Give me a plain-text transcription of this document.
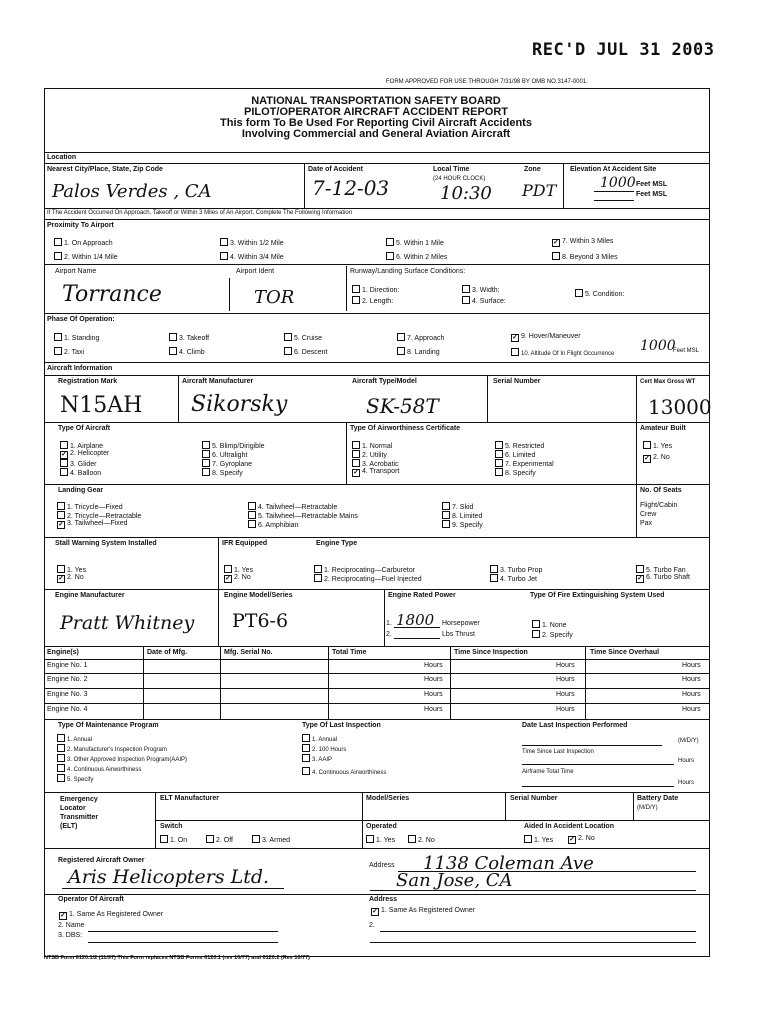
REC'D JUL 31 2003
FORM APPROVED FOR USE THROUGH 7/31/98 BY OMB NO.3147-0001.
NATIONAL TRANSPORTATION SAFETY BOARD
PILOT/OPERATOR AIRCRAFT ACCIDENT REPORT
This form To Be Used For Reporting Civil Aircraft Accidents
Involving Commercial and General Aviation Aircraft
Location
Nearest City/Place, State, Zip Code
Palos Verdes , CA
Date of Accident
7-12-03
Local Time
(24 HOUR CLOCK)
10:30
Zone
PDT
Elevation At Accident Site
1000 Feet MSL
Feet MSL
If The Accident Occurred On Approach, Takeoff or Within 3 Miles of An Airport, Complete The Following Information
Proximity To Airport
1. On Approach
2. Within 1/4 Mile
3. Within 1/2 Mile
4. Within 3/4 Mile
5. Within 1 Mile
6. Within 2 Miles
✓7. Within 3 Miles
8. Beyond 3 Miles
Airport Name
Torrance
Airport Ident
TOR
Runway/Landing Surface Conditions:
1. Direction:
2. Length:
3. Width:
4. Surface:
5. Condition:
Phase Of Operation:
1. Standing
2. Taxi
3. Takeoff
4. Climb
5. Cruise
6. Descent
7. Approach
8. Landing
✓9. Hover/Maneuver
10. Altitude Of In Flight Occurrence 1000
Feet MSL
Aircraft Information
Registration Mark
N15AH
Aircraft Manufacturer
Sikorsky
Aircraft Type/Model
SK-58T
Serial Number	Cert Max Gross WT
13000
Type Of Aircraft
1. Airplane
✓2. Helicopter
3. Glider
4. Balloon
5. Blimp/Dirigible
6. Ultralight
7. Gyroplane
8. Specify
Type Of Airworthiness Certificate
1. Normal
2. Utility
3. Acrobatic
✓4. Transport
5. Restricted
6. Limited
7. Experimental
8. Specify
Amateur Built
1. Yes
✓2. No
Landing Gear
1. Tricycle—Fixed
2. Tricycle—Retractable
✓3. Tailwheel—Fixed
4. Tailwheel—Retractable
5. Tailwheel—Retractable Mains
6. Amphibian
7. Skid
8. Limited
9. Specify
No. Of Seats
Flight/Cabin
Crew
Pax
Stall Warning System Installed
1. Yes
✓2. No
IFR Equipped
1. Yes
✓2. No
Engine Type
1. Reciprocating—Carburetor
2. Reciprocating—Fuel Injected
3. Turbo Prop
4. Turbo Jet
5. Turbo Fan
✓6. Turbo Shaft
Engine Manufacturer
Pratt Whitney
Engine Model/Series
PT6-6
Engine Rated Power
1. 1800 Horsepower
2.	Lbs Thrust
Type Of Fire Extinguishing System Used
1. None
2. Specify
Engine(s)	Date of Mfg.	Mfg. Serial No.	Total Time	Time Since Inspection	Time Since Overhaul
Engine No. 1	Hours	Hours	Hours
Engine No. 2	Hours	Hours	Hours
Engine No. 3	Hours	Hours	Hours
Engine No. 4	Hours	Hours	Hours
Type Of Maintenance Program
1. Annual
2. Manufacturer's Inspection Program
3. Other Approved Inspection Program(AAIP)
4. Continuous Airworthiness
5. Specify
Type Of Last Inspection
1. Annual
2. 100 Hours
3. AAIP
4. Continuous Airworthiness
Date Last Inspection Performed
(M/D/Y)
Time Since Last Inspection
Hours
Airframe Total Time
Hours
Emergency
Locator
Transmitter
(ELT)
ELT Manufacturer	Model/Series	Serial Number	Battery Date
(M/D/Y)
Switch
1. On	2. Off	3. Armed
Operated
1. Yes	2. No
Aided In Accident Location
1. Yes
✓	2. No
Registered Aircraft Owner
Aris Helicopters Ltd.
Address 1138 Coleman Ave
San Jose, CA
Operator Of Aircraft
✓1. Same As Registered Owner
2. Name
3. DBS:
Address
✓1. Same As Registered Owner
2.
NTSB Form 6120.1/2 (11/97) This Form replaces NTSB Forms 6120.1 (rev 10/77) and 6120.2 (Rev 10/77)
